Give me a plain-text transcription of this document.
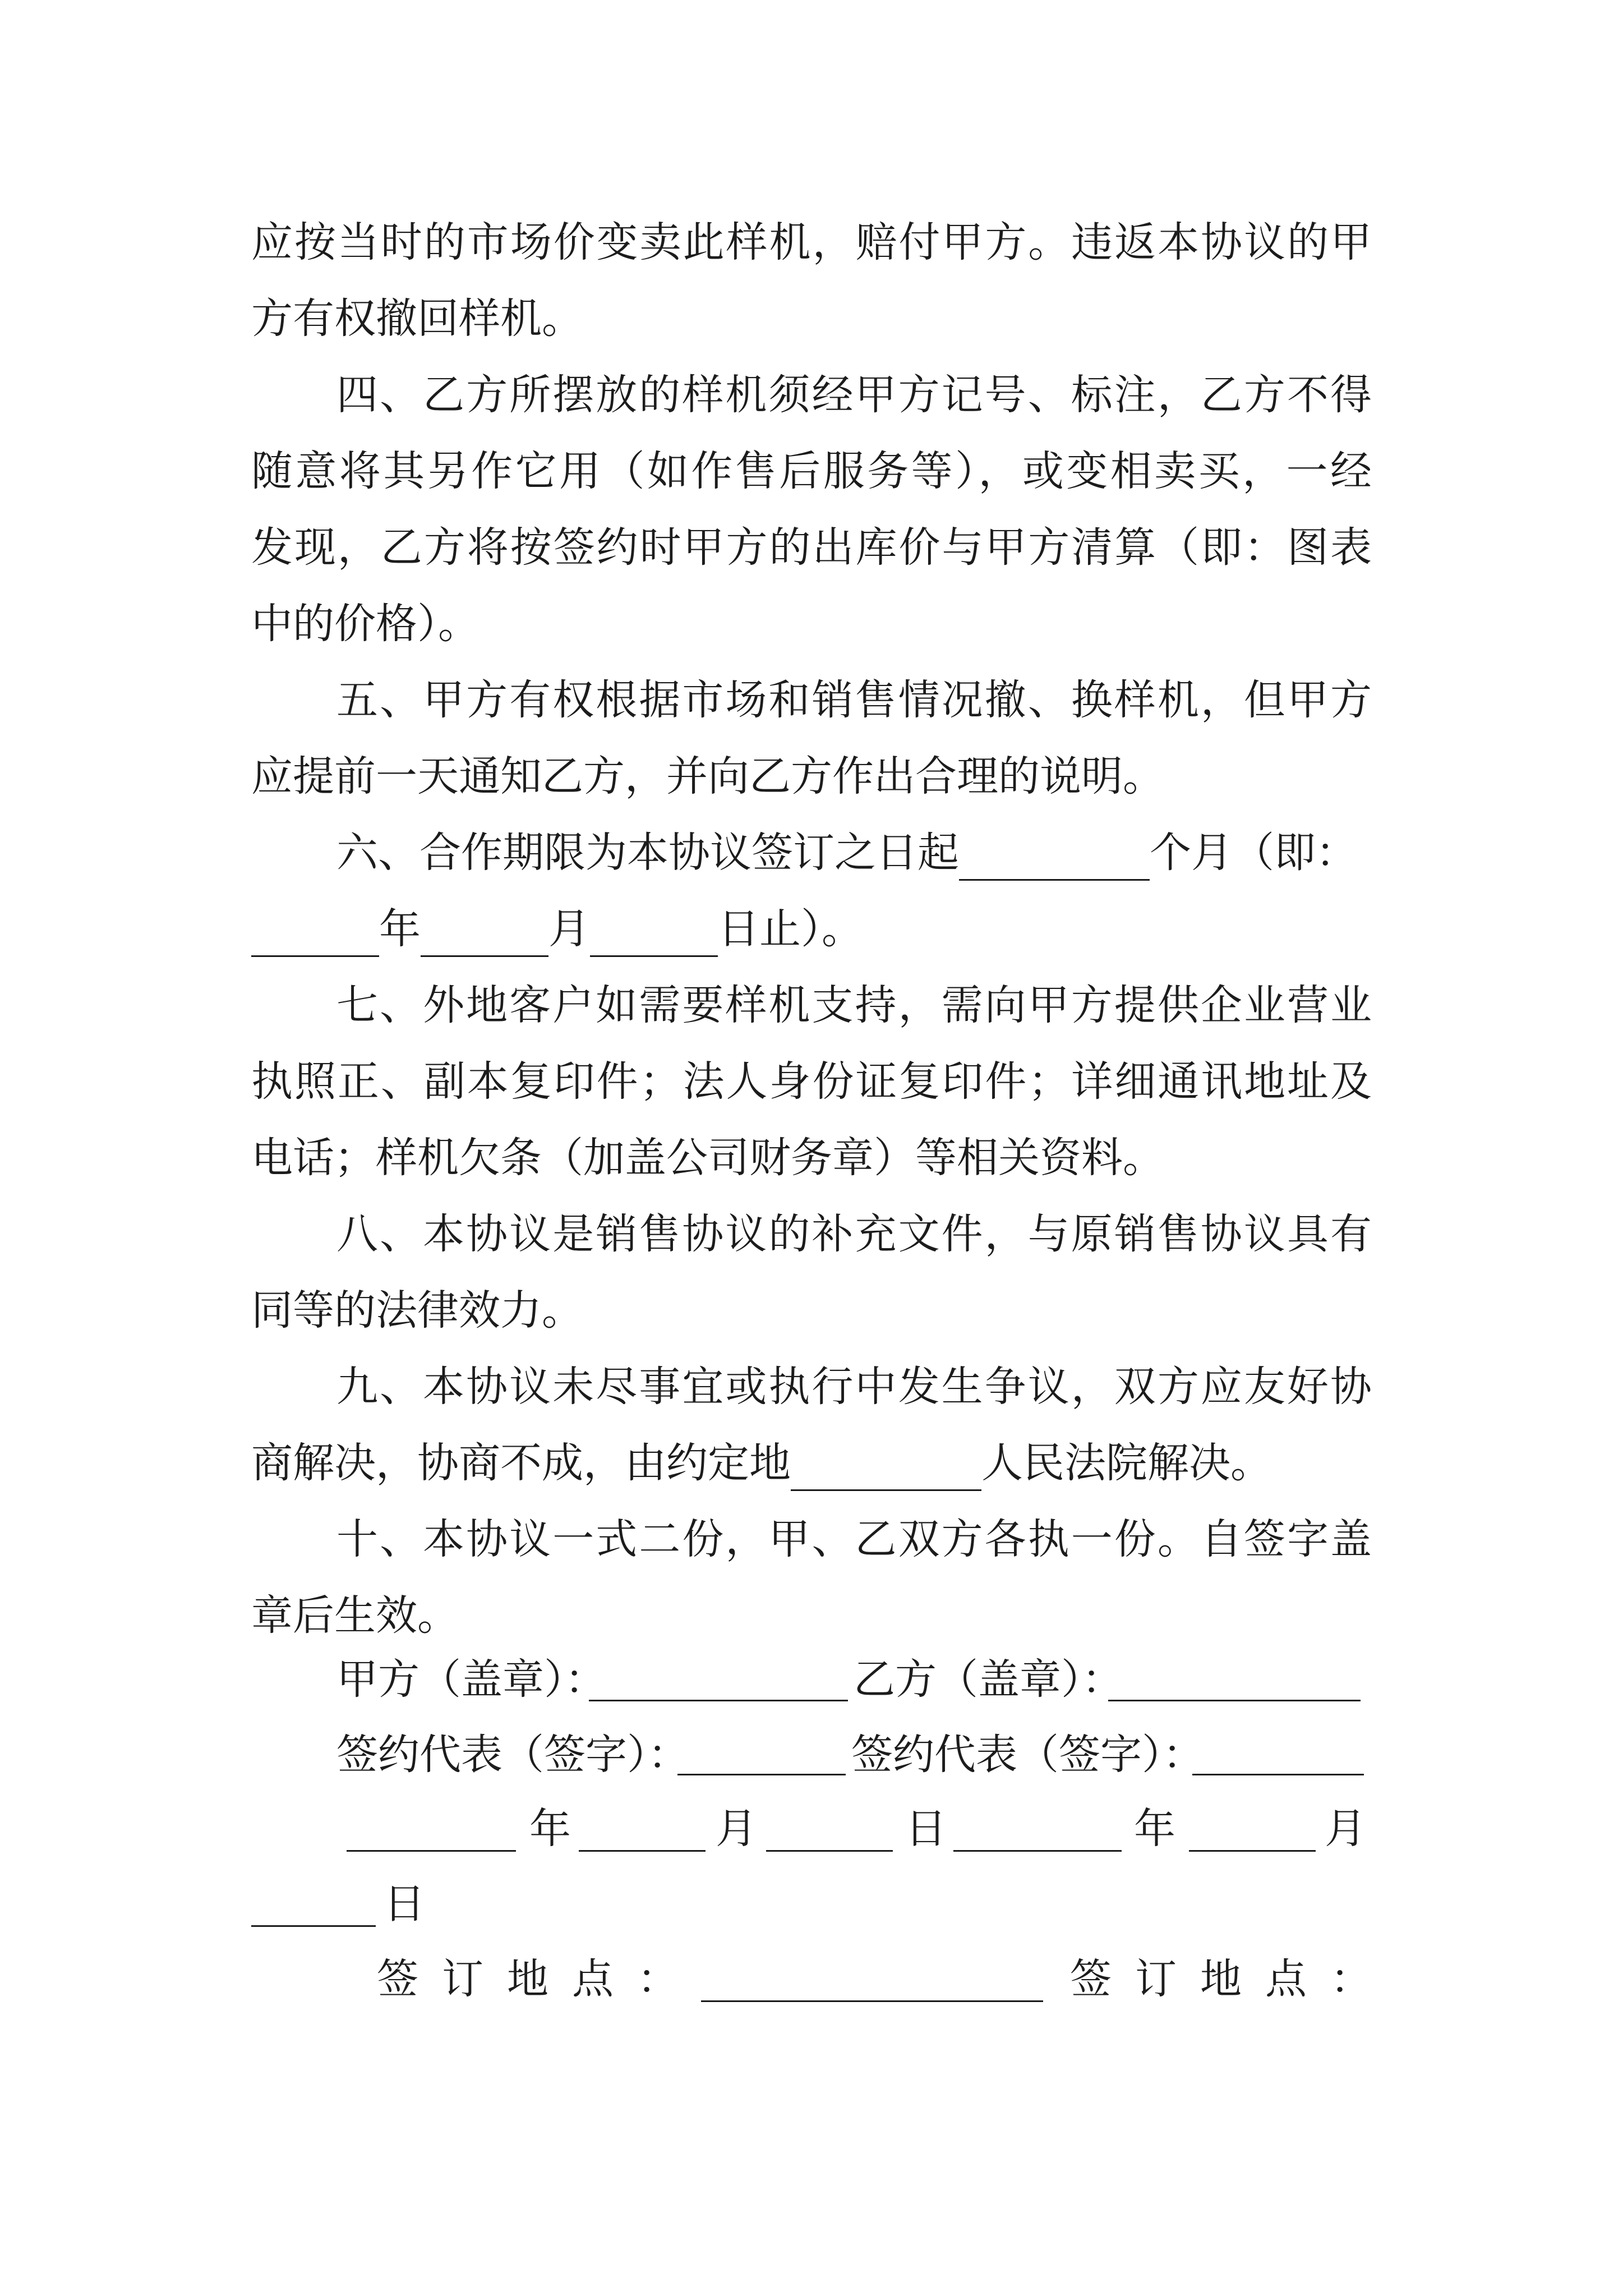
应按当时的市场价变卖此样机，赔付甲方。违返本协议的甲
方有权撤回样机。
四、乙方所摆放的样机须经甲方记号、标注，乙方不得
随意将其另作它用（如作售后服务等），或变相卖买，一经
发现，乙方将按签约时甲方的出库价与甲方清算（即：图表
中的价格）。
五、甲方有权根据市场和销售情况撤、换样机，但甲方
应提前一天通知乙方，并向乙方作出合理的说明。
六、合作期限为本协议签订之日起	个月（即：
年	月	日止）。
七、外地客户如需要样机支持，需向甲方提供企业营业
执照正、副本复印件；法人身份证复印件；详细通讯地址及
电话；样机欠条（加盖公司财务章）等相关资料。
八、本协议是销售协议的补充文件，与原销售协议具有
同等的法律效力。
九、本协议未尽事宜或执行中发生争议，双方应友好协
商解决，协商不成，由约定地	人民法院解决。
十、本协议一式二份，甲、乙双方各执一份。自签字盖
章后生效。
甲方（盖章）：	乙方（盖章）：
签约代表（签字）：	签约代表（签字）：
年	月	日	年	月
日
签订地点：	签订地点：
